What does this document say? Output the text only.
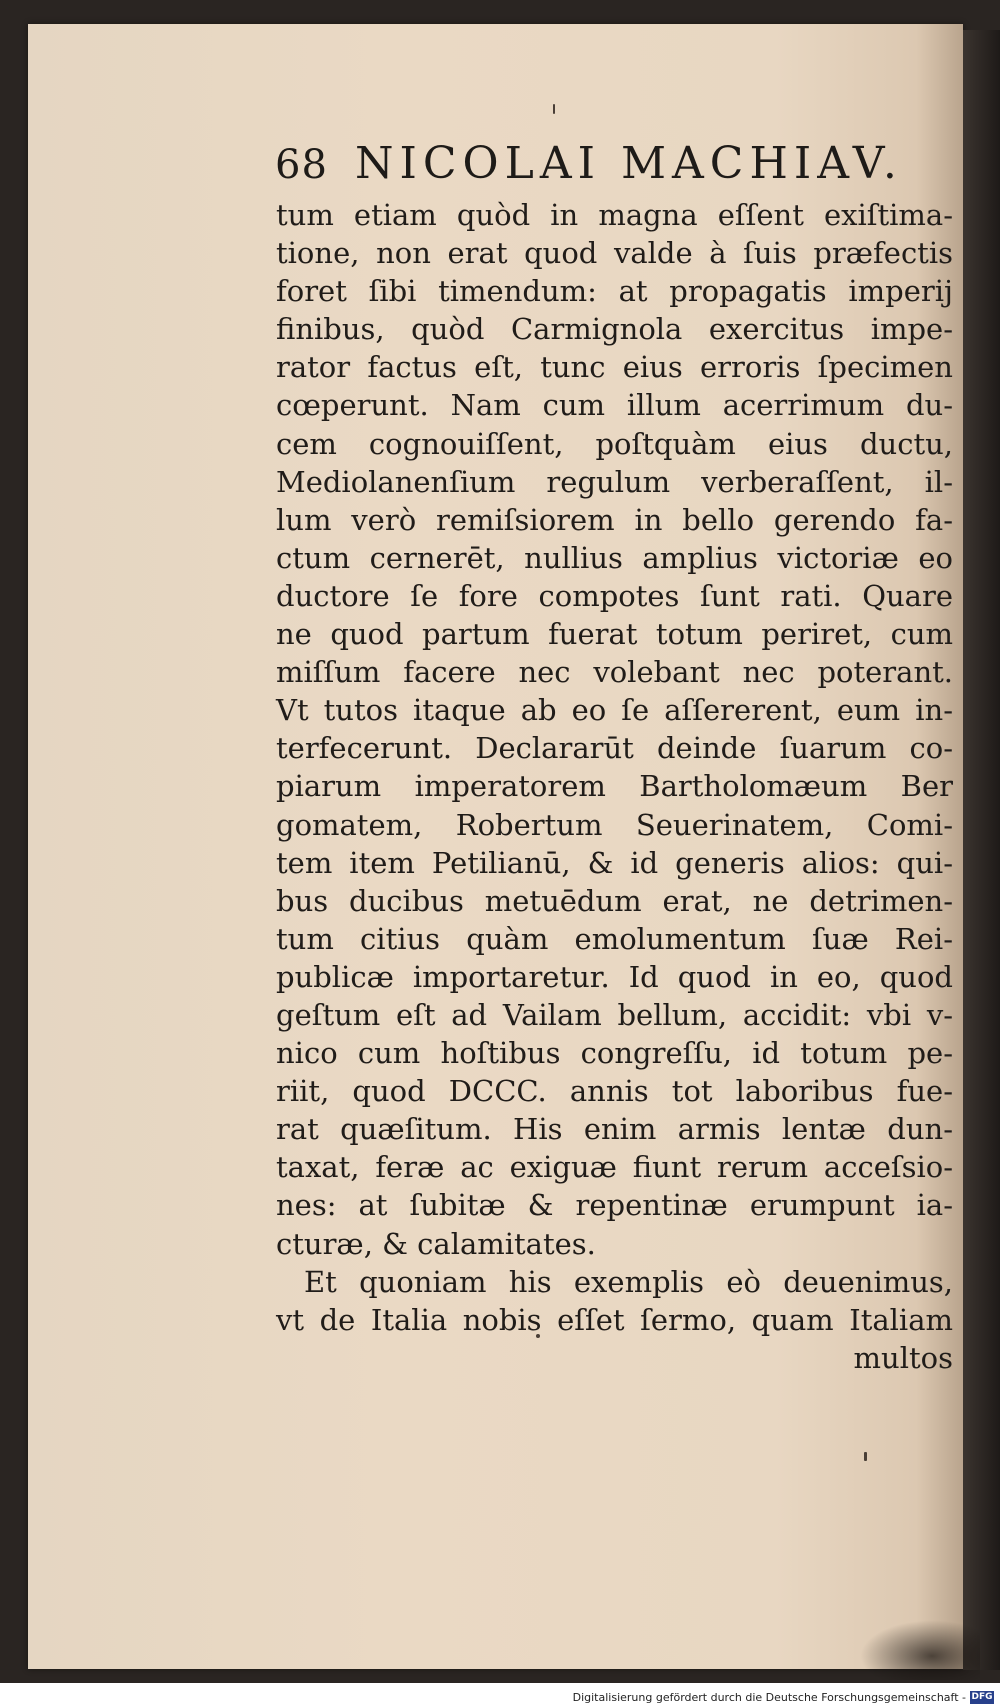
68 NICOLAI MACHIAV.
tum etiam quòd in magna eſſent exiſtima-
tione, non erat quod valde à ſuis præfectis
foret ſibi timendum: at propagatis imperij
finibus, quòd Carmignola exercitus impe-
rator factus eſt, tunc eius erroris ſpecimen
cœperunt. Nam cum illum acerrimum du-
cem cognouiſſent, poſtquàm eius ductu,
Mediolanenſium regulum verberaſſent, il-
lum verò remiſsiorem in bello gerendo fa-
ctum cernerēt, nullius amplius victoriæ eo
ductore ſe fore compotes ſunt rati. Quare
ne quod partum fuerat totum periret, cum
miſſum facere nec volebant nec poterant.
Vt tutos itaque ab eo ſe aſſererent, eum in-
terfecerunt. Declararūt deinde ſuarum co-
piarum imperatorem Bartholomæum Ber
gomatem, Robertum Seuerinatem, Comi-
tem item Petilianū, & id generis alios: qui-
bus ducibus metuēdum erat, ne detrimen-
tum citius quàm emolumentum ſuæ Rei-
publicæ importaretur. Id quod in eo, quod
geſtum eſt ad Vailam bellum, accidit: vbi v-
nico cum hoſtibus congreſſu, id totum pe-
riit, quod DCCC. annis tot laboribus fue-
rat quæſitum. His enim armis lentæ dun-
taxat, feræ ac exiguæ fiunt rerum acceſsio-
nes: at ſubitæ & repentinæ erumpunt ia-
cturæ, & calamitates.
Et quoniam his exemplis eò deuenimus,
vt de Italia nobis eſſet ſermo, quam Italiam
multos
Digitalisierung gefördert durch die Deutsche Forschungsgemeinschaft - DFG
